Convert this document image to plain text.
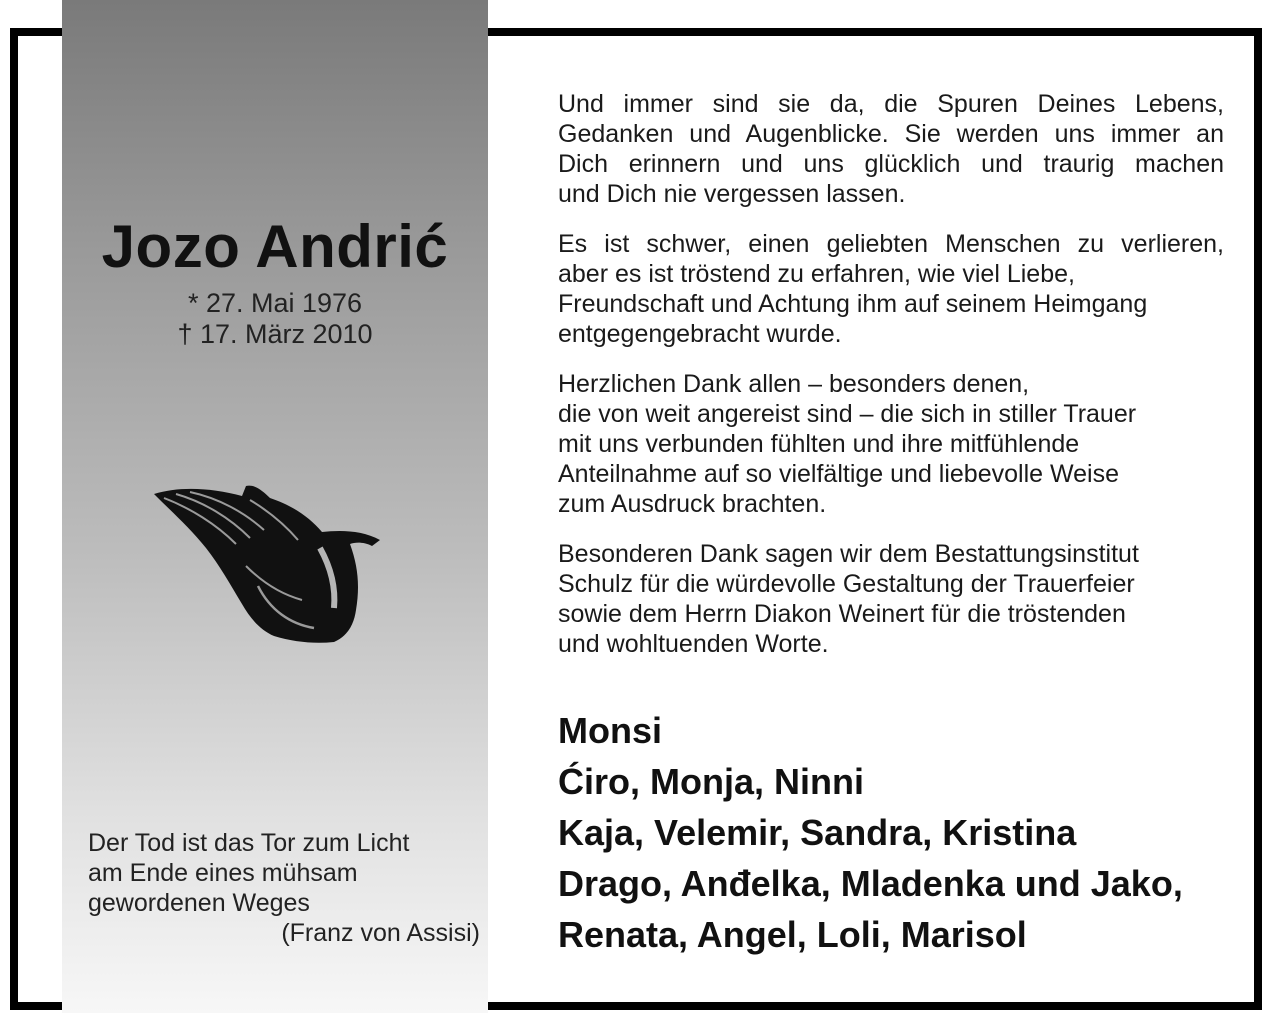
Jozo Andrić
* 27. Mai 1976
† 17. März 2010
Der Tod ist das Tor zum Licht
am Ende eines mühsam
gewordenen Weges
(Franz von Assisi)

Und immer sind sie da, die Spuren Deines Lebens,
Gedanken und Augenblicke. Sie werden uns immer an
Dich erinnern und uns glücklich und traurig machen
und Dich nie vergessen lassen.

Es ist schwer, einen geliebten Menschen zu verlieren,
aber es ist tröstend zu erfahren, wie viel Liebe,
Freundschaft und Achtung ihm auf seinem Heimgang
entgegengebracht wurde.

Herzlichen Dank allen – besonders denen,
die von weit angereist sind – die sich in stiller Trauer
mit uns verbunden fühlten und ihre mitfühlende
Anteilnahme auf so vielfältige und liebevolle Weise
zum Ausdruck brachten.

Besonderen Dank sagen wir dem Bestattungsinstitut
Schulz für die würdevolle Gestaltung der Trauerfeier
sowie dem Herrn Diakon Weinert für die tröstenden
und wohltuenden Worte.

Monsi
Ćiro, Monja, Ninni
Kaja, Velemir, Sandra, Kristina
Drago, Anđelka, Mladenka und Jako,
Renata, Angel, Loli, Marisol
